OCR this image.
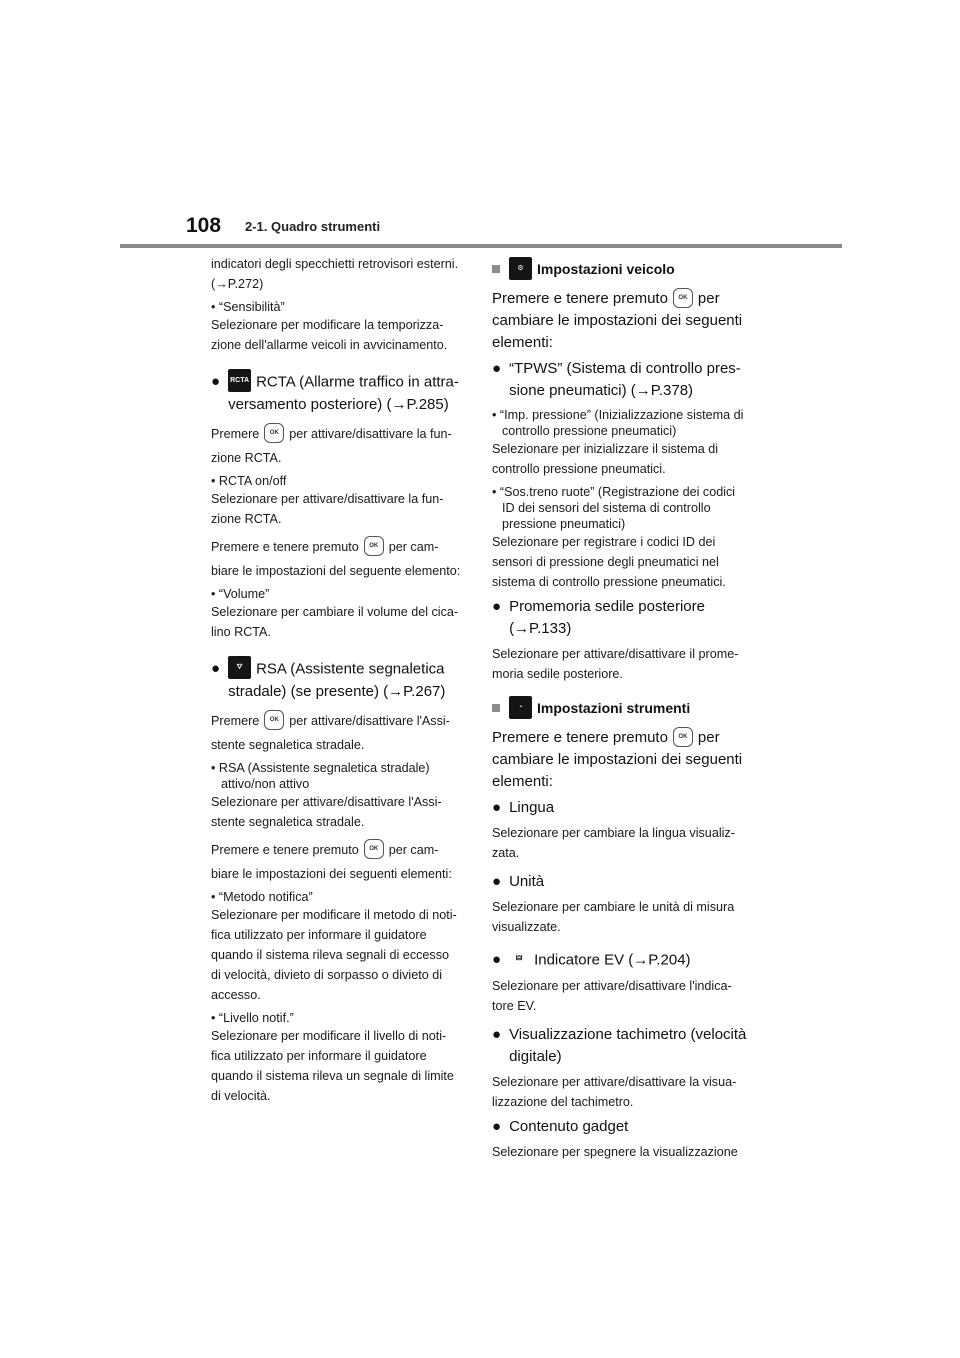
108 2-1. Quadro strumenti

indicatori degli specchietti retrovisori esterni.

(→P.272)

• “Sensibilità”

Selezionare per modificare la temporizza-

zione dell'allarme veicoli in avvicinamento.

● RCTA RCTA (Allarme traffico in attra-
versamento posteriore) (→P.285)

Premere OK per attivare/disattivare la fun-

zione RCTA.

• RCTA on/off

Selezionare per attivare/disattivare la fun-

zione RCTA.

Premere e tenere premuto OK per cam-

biare le impostazioni del seguente elemento:

• “Volume”

Selezionare per cambiare il volume del cica-

lino RCTA.

●	⛛ RSA (Assistente segnaletica
stradale) (se presente) (→P.267)

Premere OK per attivare/disattivare l'Assi-

stente segnaletica stradale.

• RSA (Assistente segnaletica stradale) attivo/non attivo

Selezionare per attivare/disattivare l'Assi-

stente segnaletica stradale.

Premere e tenere premuto OK per cam-

biare le impostazioni dei seguenti elementi:

• “Metodo notifica”

Selezionare per modificare il metodo di noti-

fica utilizzato per informare il guidatore

quando il sistema rileva segnali di eccesso

di velocità, divieto di sorpasso o divieto di

accesso.

• “Livello notif.”

Selezionare per modificare il livello di noti-

fica utilizzato per informare il guidatore

quando il sistema rileva un segnale di limite

di velocità.

⚙ Impostazioni veicolo

Premere e tenere premuto OK per

cambiare le impostazioni dei seguenti

elementi:

● “TPWS” (Sistema di controllo pres-
sione pneumatici) (→P.378)

• “Imp. pressione” (Inizializzazione sistema di controllo pressione pneumatici)

Selezionare per inizializzare il sistema di

controllo pressione pneumatici.

• “Sos.treno ruote” (Registrazione dei codici ID dei sensori del sistema di controllo pressione pneumatici)

Selezionare per registrare i codici ID dei

sensori di pressione degli pneumatici nel

sistema di controllo pressione pneumatici.

● Promemoria sedile posteriore
(→P.133)

Selezionare per attivare/disattivare il prome-

moria sedile posteriore.

◔	Impostazioni strumenti

Premere e tenere premuto OK per

cambiare le impostazioni dei seguenti

elementi:

● Lingua

Selezionare per cambiare la lingua visualiz-

zata.

● Unità

Selezionare per cambiare le unità di misura

visualizzate.

●	🜲 Indicatore EV (→P.204)

Selezionare per attivare/disattivare l'indica-

tore EV.

● Visualizzazione tachimetro (velocità
digitale)

Selezionare per attivare/disattivare la visua-

lizzazione del tachimetro.

● Contenuto gadget

Selezionare per spegnere la visualizzazione
